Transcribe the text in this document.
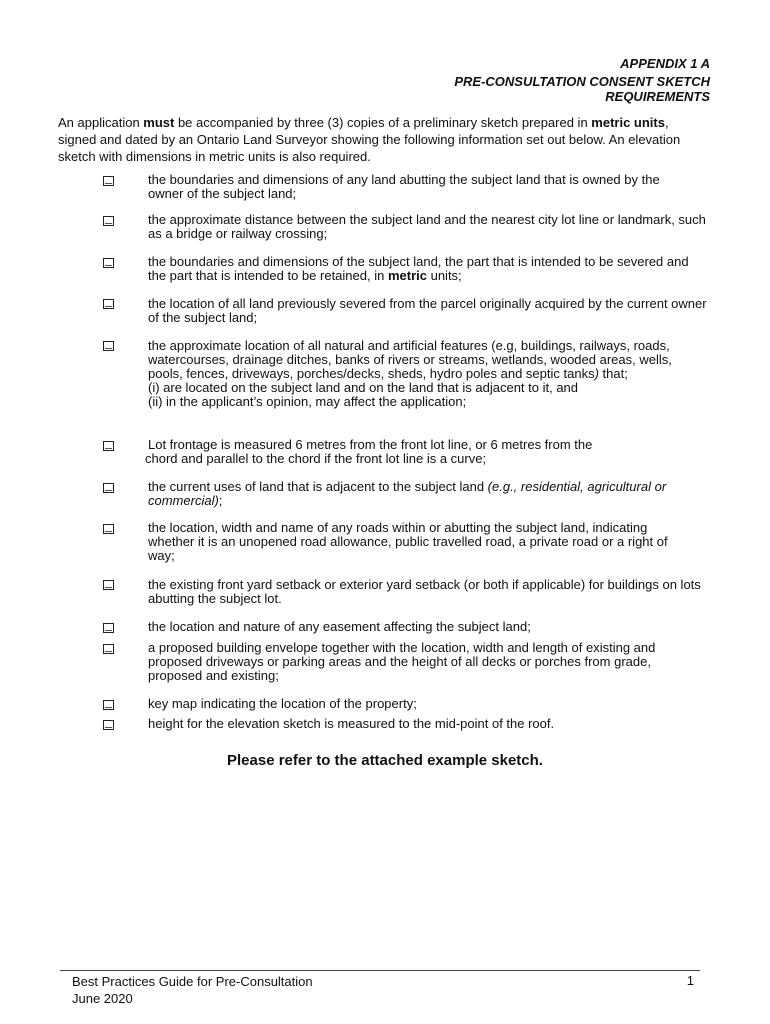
APPENDIX 1 A
PRE-CONSULTATION CONSENT SKETCH
REQUIREMENTS
An application must be accompanied by three (3) copies of a preliminary sketch prepared in metric units, signed and dated by an Ontario Land Surveyor showing the following information set out below. An elevation sketch with dimensions in metric units is also required.
the boundaries and dimensions of any land abutting the subject land that is owned by the owner of the subject land;
the approximate distance between the subject land and the nearest city lot line or landmark, such as a bridge or railway crossing;
the boundaries and dimensions of the subject land, the part that is intended to be severed and the part that is intended to be retained, in metric units;
the location of all land previously severed from the parcel originally acquired by the current owner of the subject land;
the approximate location of all natural and artificial features (e.g, buildings, railways, roads, watercourses, drainage ditches, banks of rivers or streams, wetlands, wooded areas, wells, pools, fences, driveways, porches/decks, sheds, hydro poles and septic tanks) that;
(i) are located on the subject land and on the land that is adjacent to it, and
(ii) in the applicant’s opinion, may affect the application;
Lot frontage is measured 6 metres from the front lot line, or 6 metres from the
chord and parallel to the chord if the front lot line is a curve;
the current uses of land that is adjacent to the subject land (e.g., residential, agricultural or commercial);
the location, width and name of any roads within or abutting the subject land, indicating whether it is an unopened road allowance, public travelled road, a private road or a right of way;
the existing front yard setback or exterior yard setback (or both if applicable) for buildings on lots abutting the subject lot.
the location and nature of any easement affecting the subject land;
a proposed building envelope together with the location, width and length of existing and proposed driveways or parking areas and the height of all decks or porches from grade, proposed and existing;
key map indicating the location of the property;
height for the elevation sketch is measured to the mid-point of the roof.
Please refer to the attached example sketch.
Best Practices Guide for Pre-Consultation
June 2020
1
